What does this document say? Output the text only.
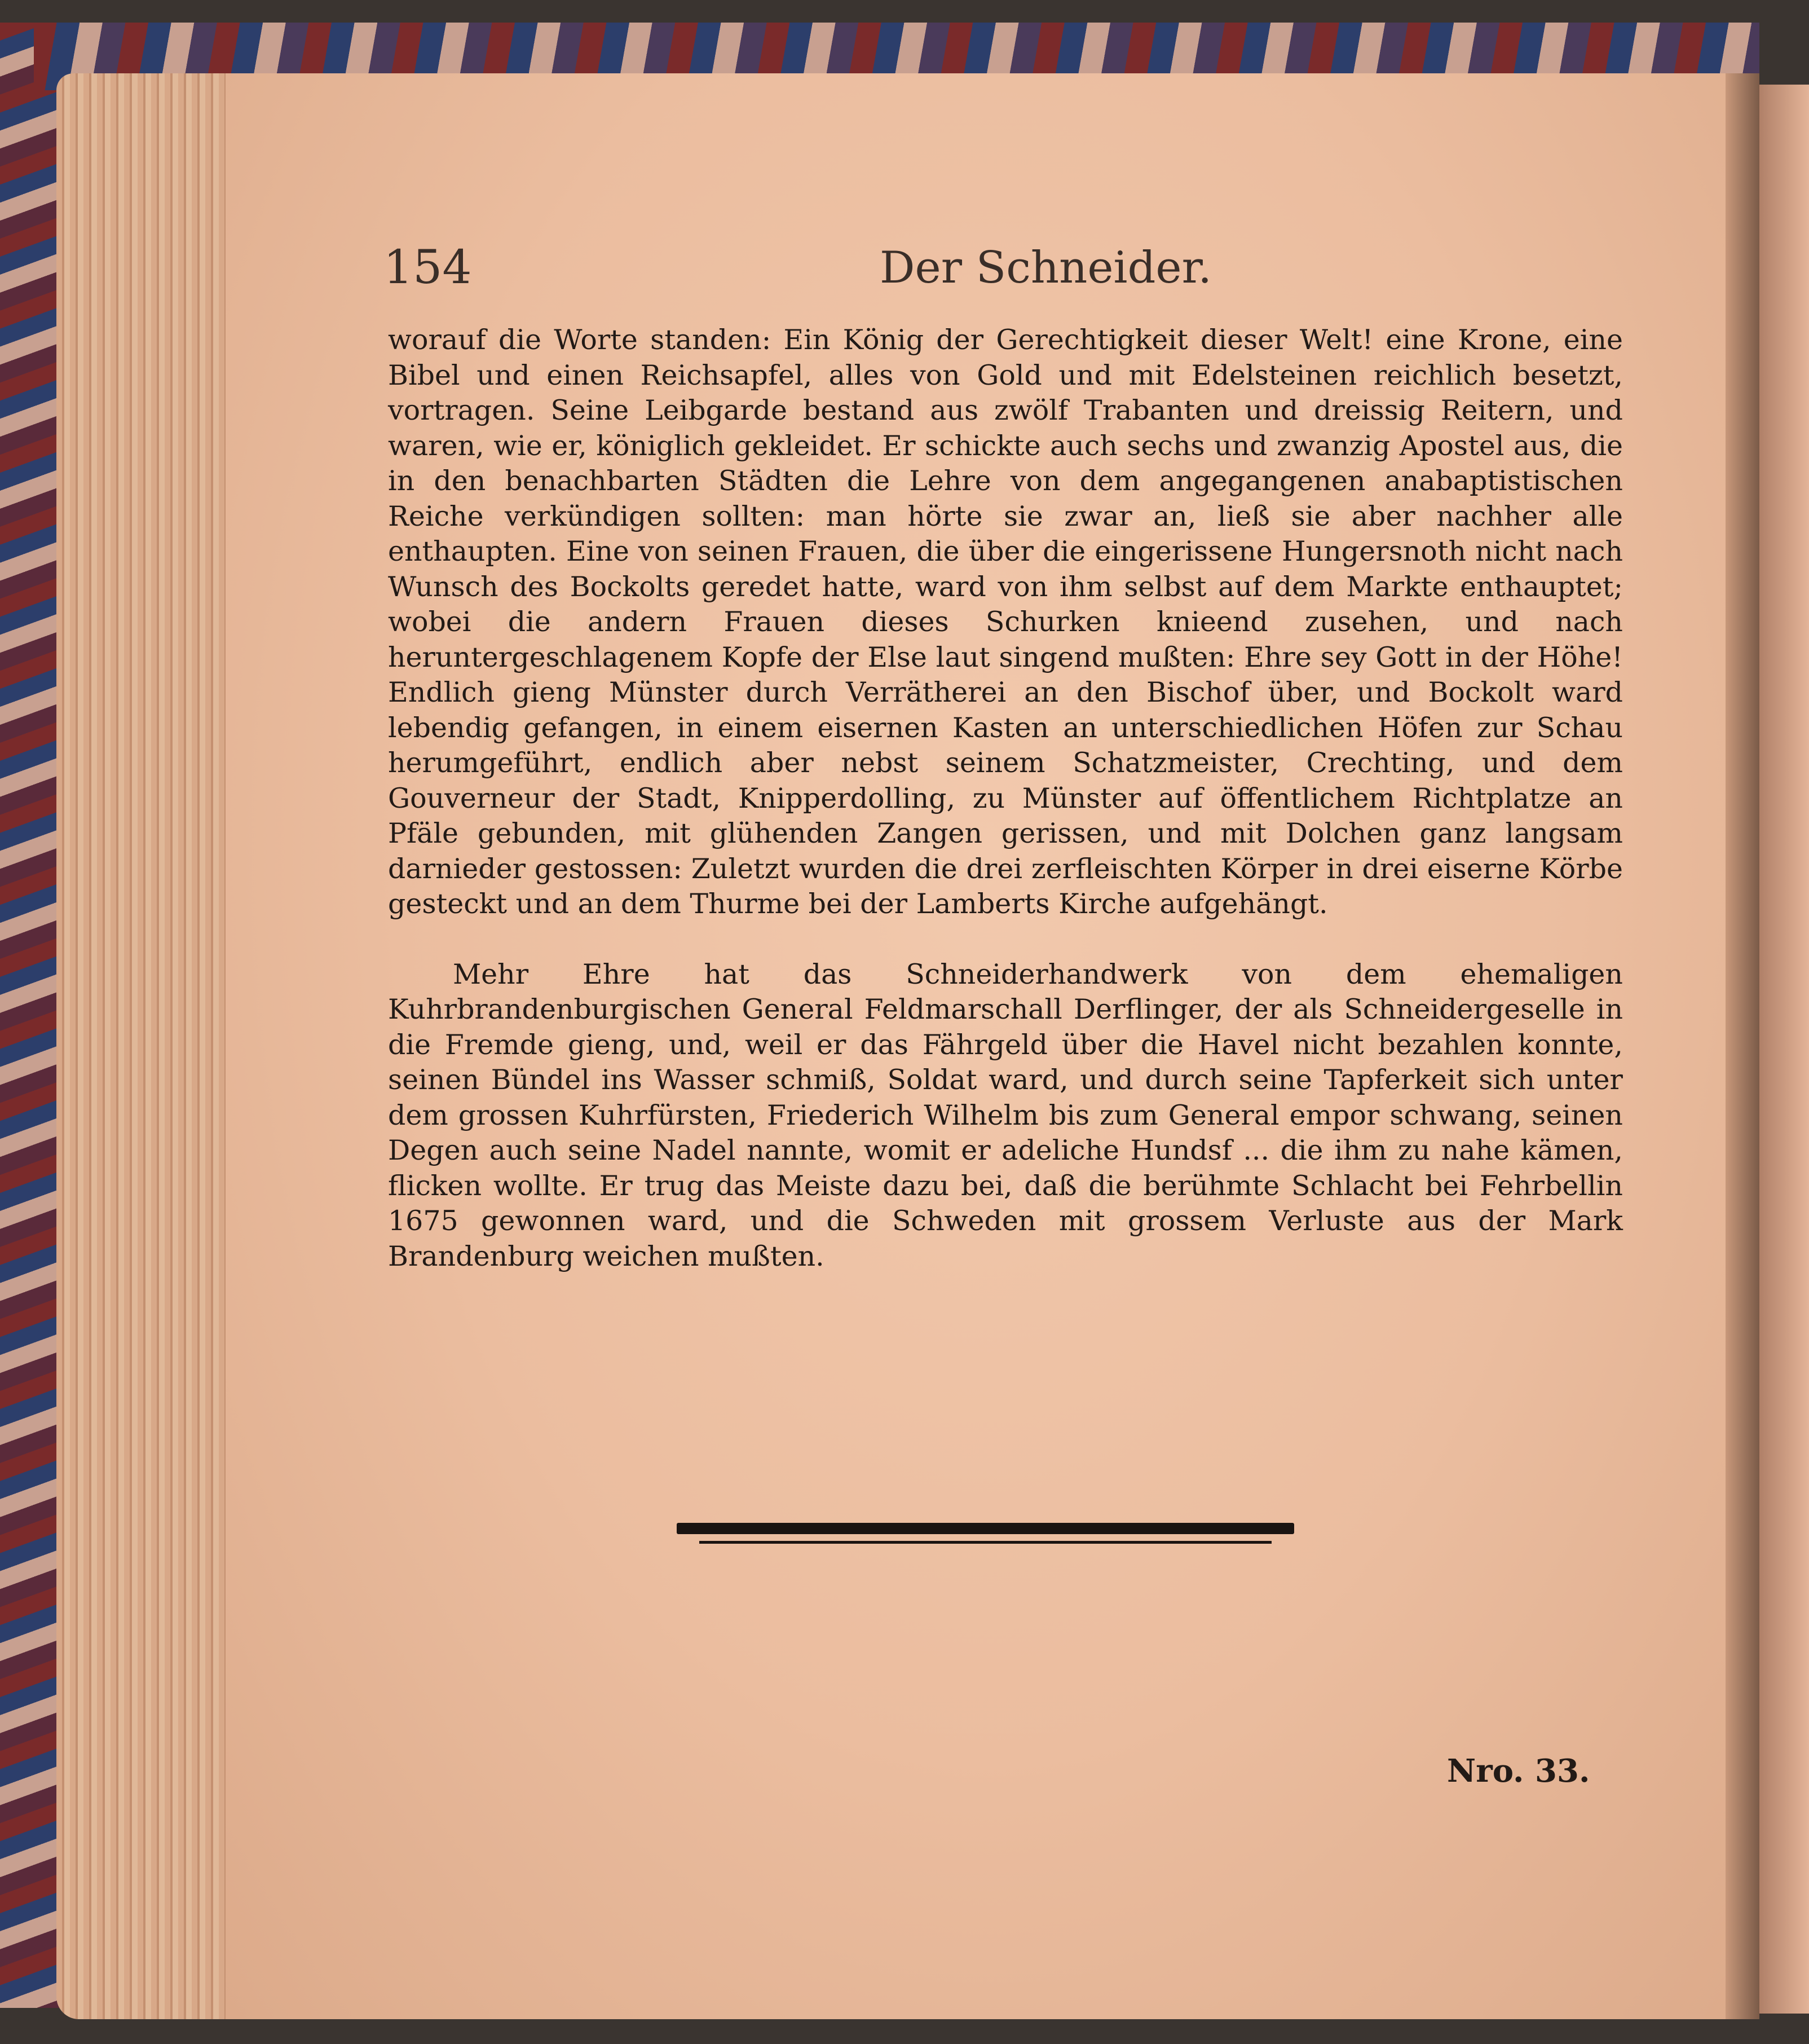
154	Der Schneider.

worauf die Worte standen: Ein König der Gerechtigkeit dieser Welt! eine Krone, eine Bibel und einen Reichsapfel, alles von Gold und mit Edelsteinen reichlich besetzt, vortragen. Seine Leibgarde bestand aus zwölf Trabanten und dreissig Reitern, und waren, wie er, königlich gekleidet. Er schickte auch sechs und zwanzig Apostel aus, die in den benachbarten Städten die Lehre von dem angegangenen anabaptistischen Reiche verkündigen sollten: man hörte sie zwar an, ließ sie aber nachher alle enthaupten. Eine von seinen Frauen, die über die eingerissene Hungersnoth nicht nach Wunsch des Bockolts geredet hatte, ward von ihm selbst auf dem Markte enthauptet; wobei die andern Frauen dieses Schurken knieend zusehen, und nach heruntergeschlagenem Kopfe der Else laut singend mußten: Ehre sey Gott in der Höhe! Endlich gieng Münster durch Verrätherei an den Bischof über, und Bockolt ward lebendig gefangen, in einem eisernen Kasten an unterschiedlichen Höfen zur Schau herumgeführt, endlich aber nebst seinem Schatzmeister, Crechting, und dem Gouverneur der Stadt, Knipperdolling, zu Münster auf öffentlichem Richtplatze an Pfäle gebunden, mit glühenden Zangen gerissen, und mit Dolchen ganz langsam darnieder gestossen: Zuletzt wurden die drei zerfleischten Körper in drei eiserne Körbe gesteckt und an dem Thurme bei der Lamberts Kirche aufgehängt.

Mehr Ehre hat das Schneiderhandwerk von dem ehemaligen Kuhrbrandenburgischen General Feldmarschall Derflinger, der als Schneidergeselle in die Fremde gieng, und, weil er das Fährgeld über die Havel nicht bezahlen konnte, seinen Bündel ins Wasser schmiß, Soldat ward, und durch seine Tapferkeit sich unter dem grossen Kuhrfürsten, Friederich Wilhelm bis zum General empor schwang, seinen Degen auch seine Nadel nannte, womit er adeliche Hundsf ... die ihm zu nahe kämen, flicken wollte. Er trug das Meiste dazu bei, daß die berühmte Schlacht bei Fehrbellin 1675 gewonnen ward, und die Schweden mit grossem Verluste aus der Mark Brandenburg weichen mußten.

Nro. 33.
